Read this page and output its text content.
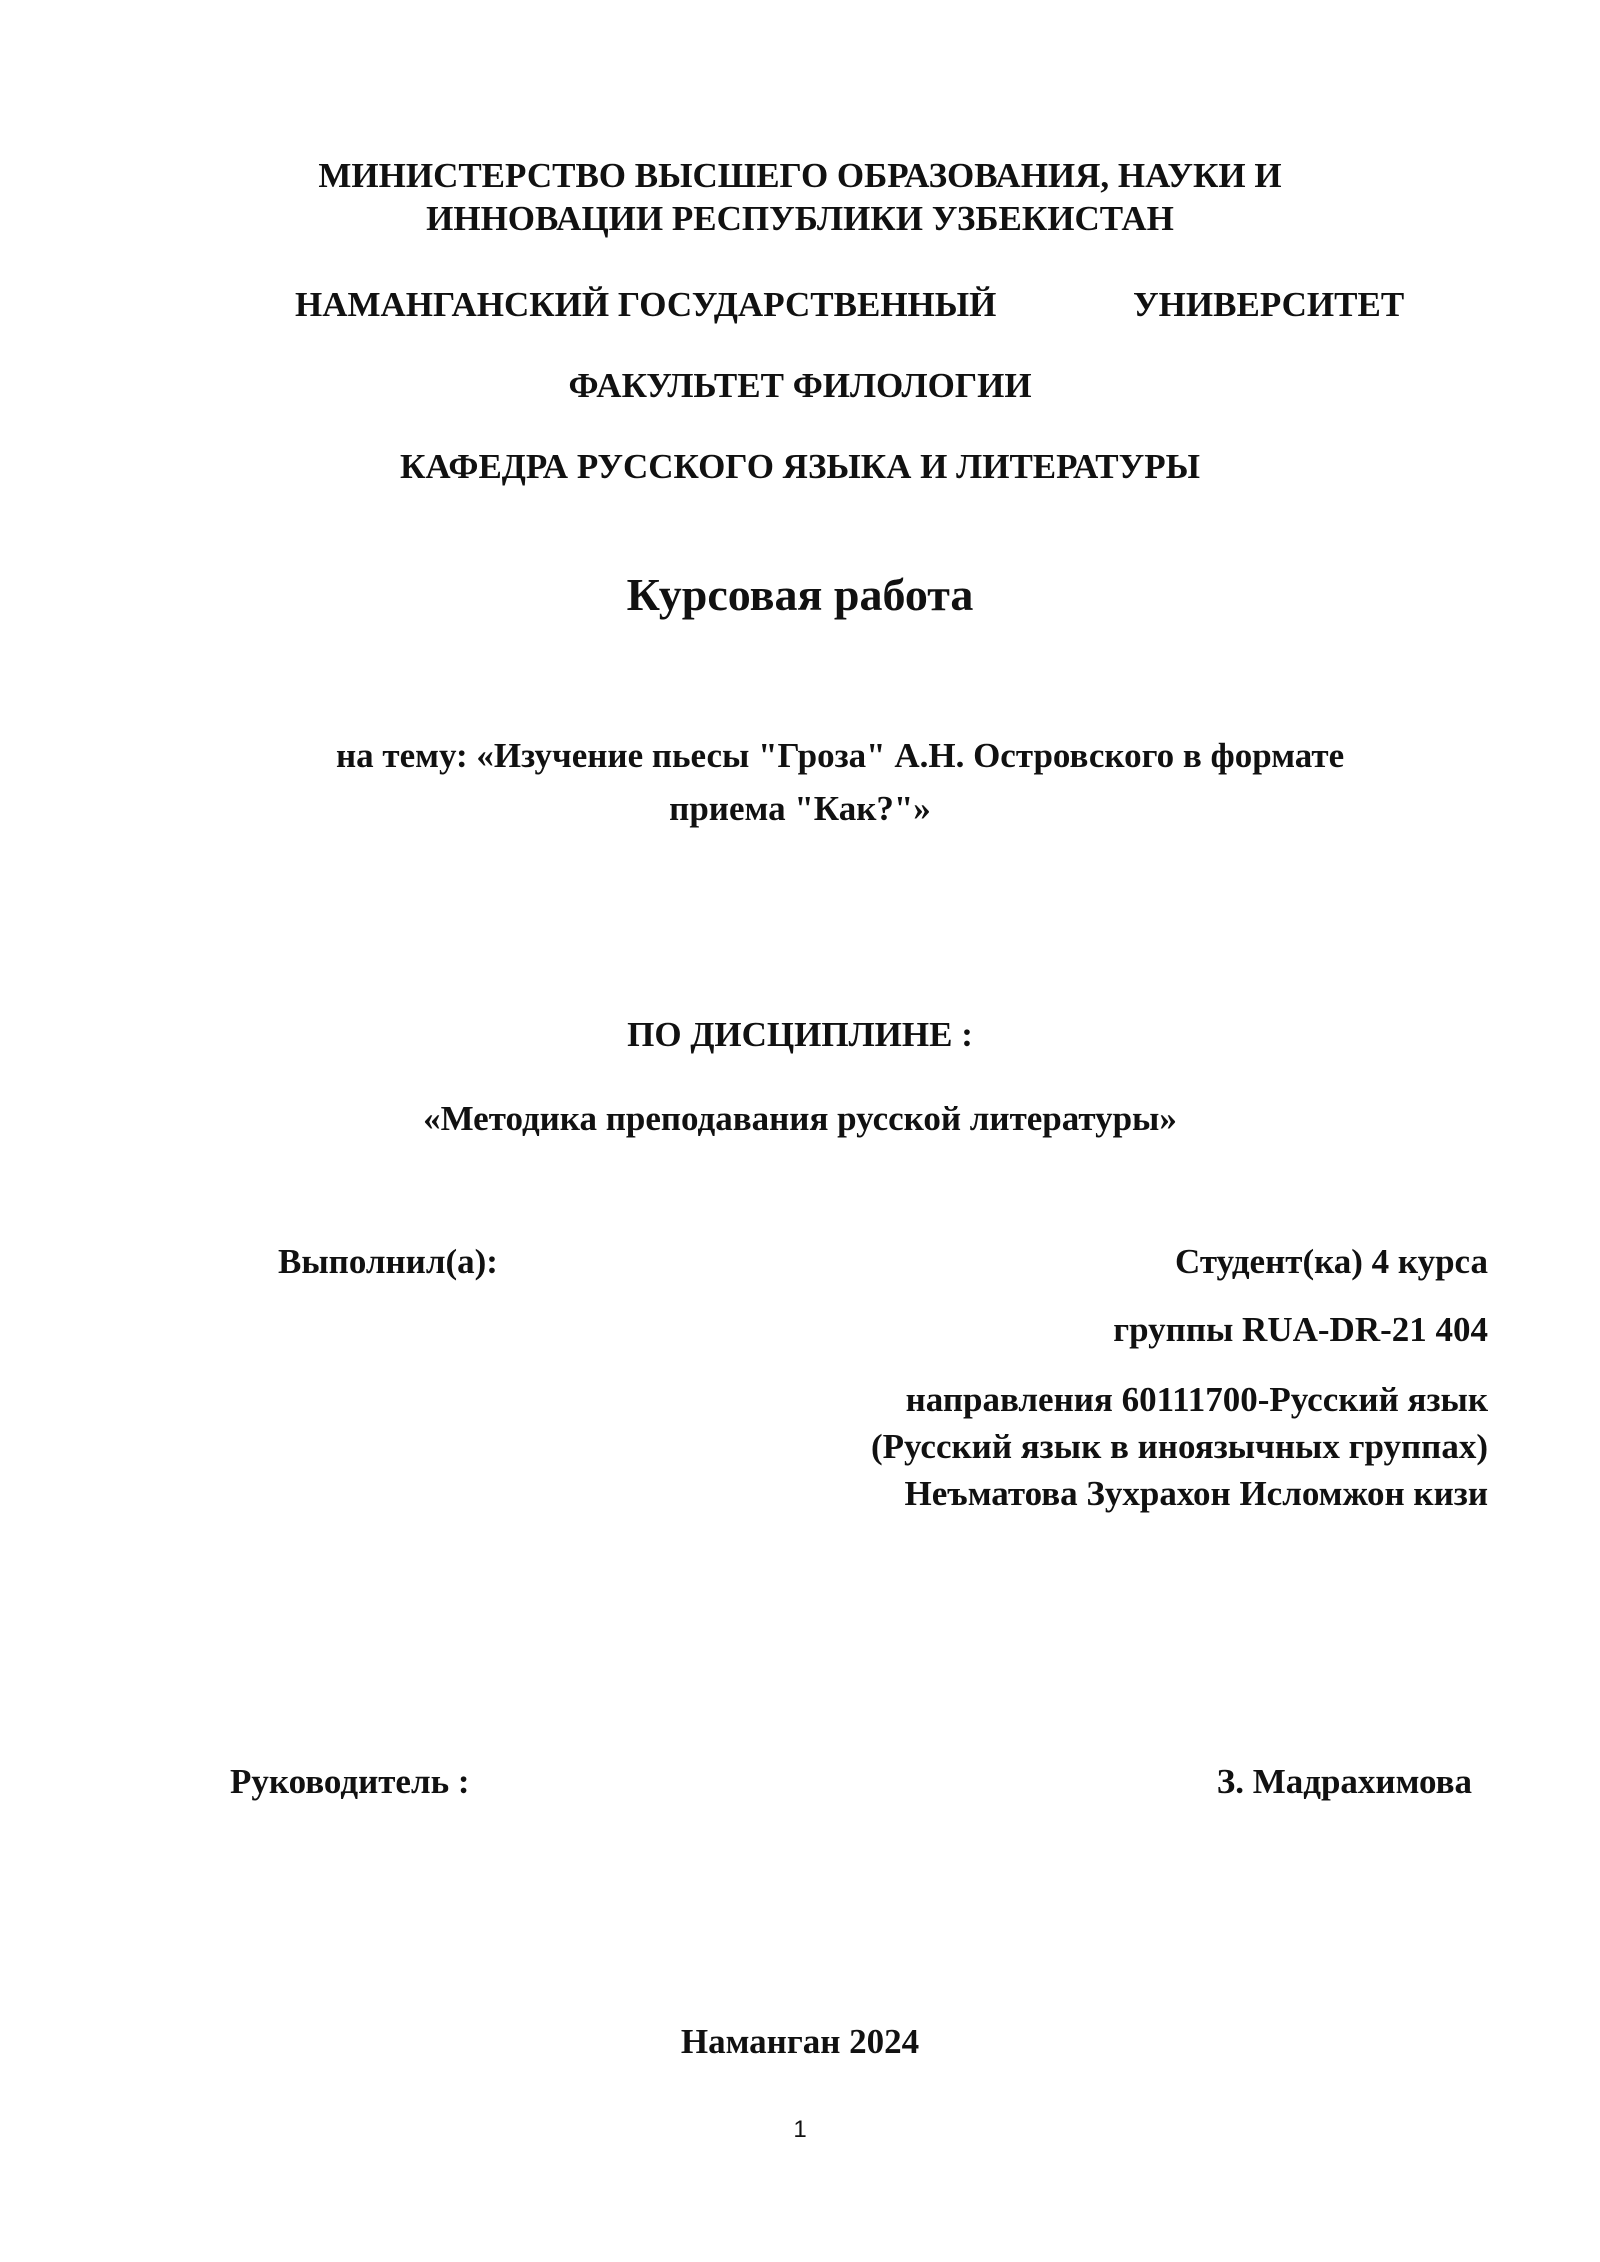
МИНИСТЕРСТВО ВЫСШЕГО ОБРАЗОВАНИЯ, НАУКИ И
ИННОВАЦИИ РЕСПУБЛИКИ УЗБЕКИСТАН
НАМАНГАНСКИЙ ГОСУДАРСТВЕННЫЙ	УНИВЕРСИТЕТ
ФАКУЛЬТЕТ ФИЛОЛОГИИ
КАФЕДРА РУССКОГО ЯЗЫКА И ЛИТЕРАТУРЫ
Курсовая работа
на тему: «Изучение пьесы "Гроза" А.Н. Островского в формате
приема "Как?"»
ПО ДИСЦИПЛИНЕ :
«Методика преподавания русской литературы»
Выполнил(а):	Студент(ка) 4 курса
группы RUA-DR-21 404
направления 60111700-Русский язык
(Русский язык в иноязычных группах)
Неъматова Зухрахон Исломжон кизи
Руководитель :	З. Мадрахимова
Наманган 2024
1
